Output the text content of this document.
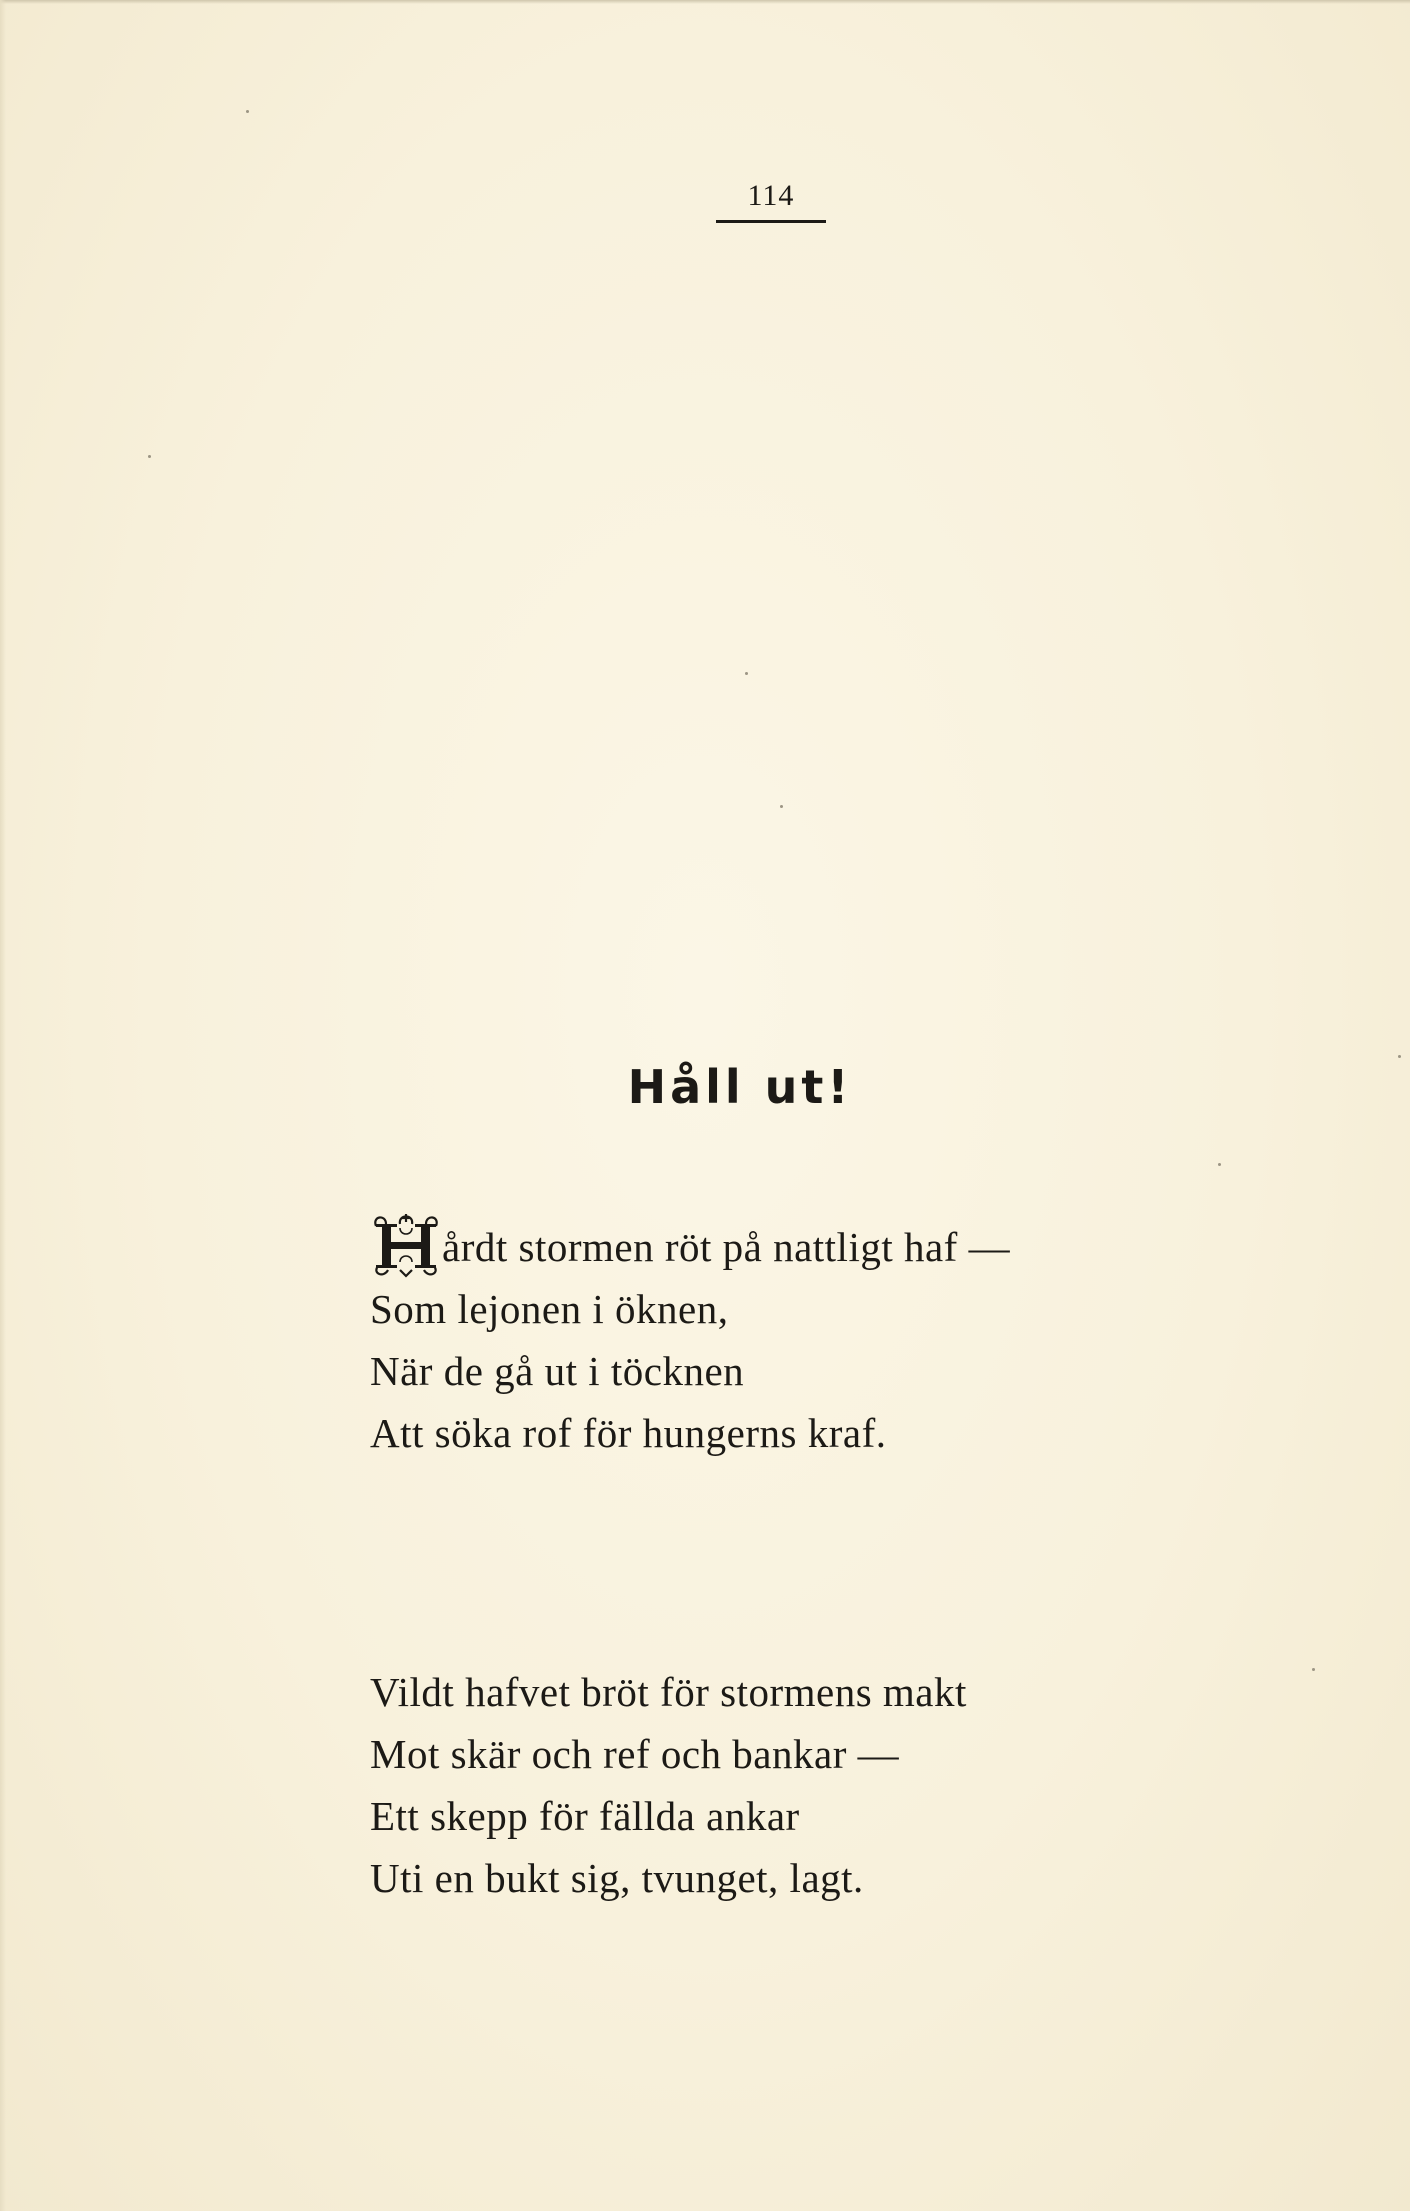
114
Håll ut!
årdt stormen röt på nattligt haf —
Som lejonen i öknen,
När de gå ut i töcknen
Att söka rof för hungerns kraf.
Vildt hafvet bröt för stormens makt
Mot skär och ref och bankar —
Ett skepp för fällda ankar
Uti en bukt sig, tvunget, lagt.
